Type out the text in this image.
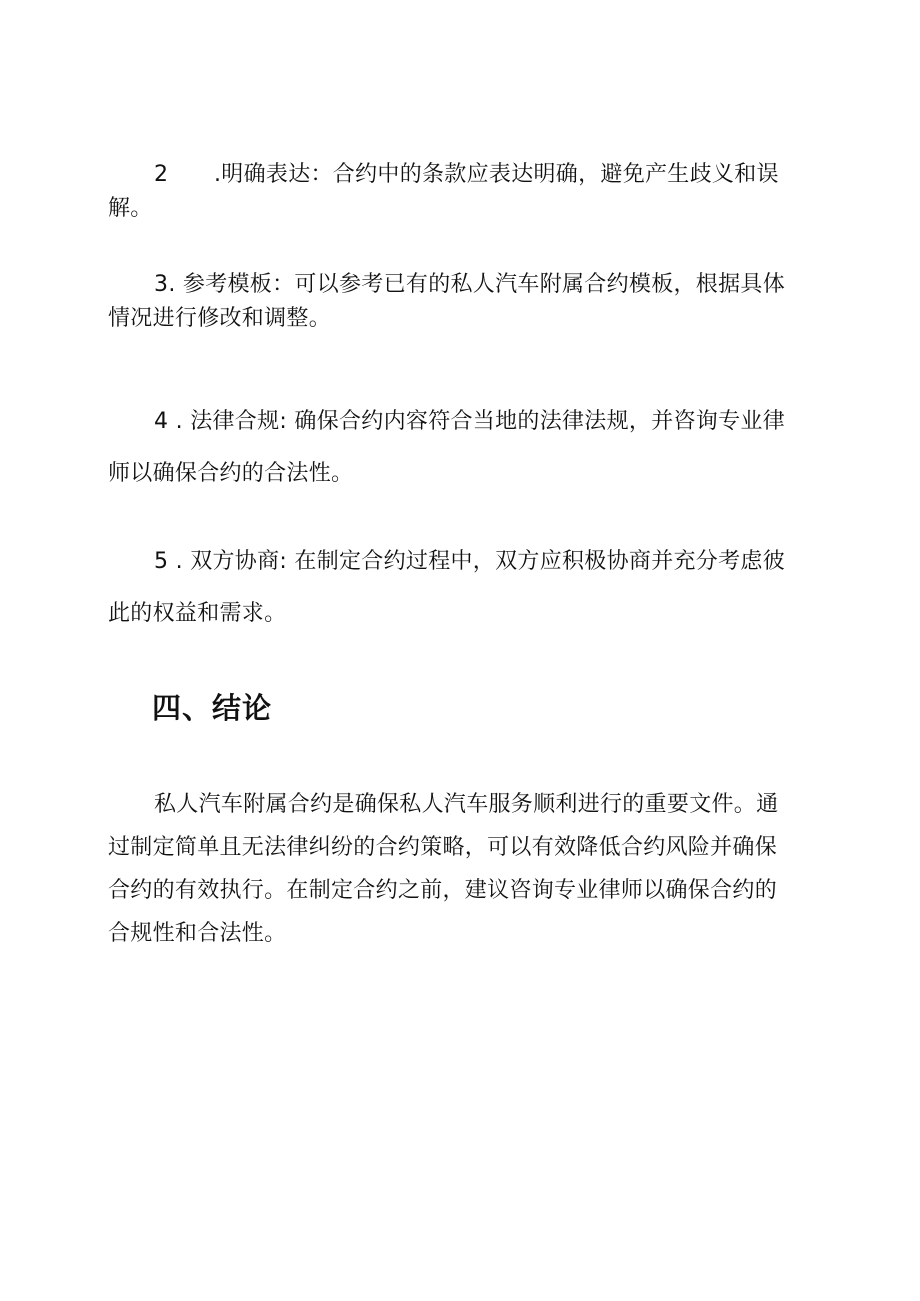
2 .明确表达：合约中的条款应表达明确，避免产生歧义和误
解。

3. 参考模板：可以参考已有的私人汽车附属合约模板，根据具体
情况进行修改和调整。

4 . 法律合规: 确保合约内容符合当地的法律法规，并咨询专业律
师以确保合约的合法性。

5 . 双方协商: 在制定合约过程中，双方应积极协商并充分考虑彼
此的权益和需求。

四、结论

私人汽车附属合约是确保私人汽车服务顺利进行的重要文件。通
过制定简单且无法律纠纷的合约策略，可以有效降低合约风险并确保
合约的有效执行。在制定合约之前，建议咨询专业律师以确保合约的
合规性和合法性。
